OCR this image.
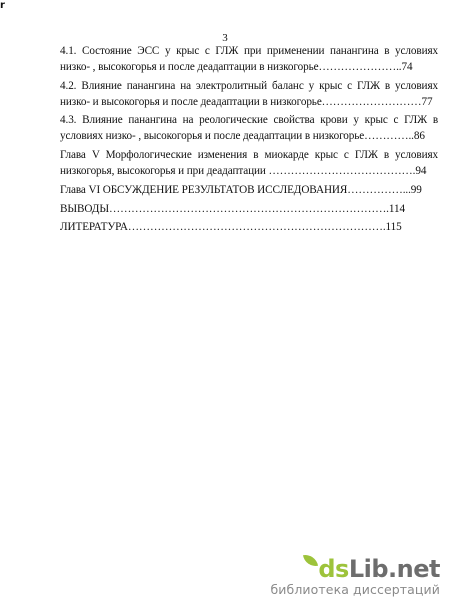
r
3
4.1. Состояние ЭСС у крыс с ГЛЖ при применении панангина в условиях
низко- , высокогорья и после деадаптации в низкогорье…………………..74
4.2. Влияние панангина на электролитный баланс у крыс с ГЛЖ в условиях
низко- и высокогорья и после деадаптации в низкогорье………………………77
4.3. Влияние панангина на реологические свойства крови у крыс с ГЛЖ в
условиях низко- , высокогорья и после деадаптации в низкогорье…………..86
Глава V Морфологические изменения в миокарде крыс с ГЛЖ в условиях
низкогорья, высокогорья и при деадаптации ………………………………….94
Глава VI ОБСУЖДЕНИЕ РЕЗУЛЬТАТОВ ИССЛЕДОВАНИЯ……………...99
ВЫВОДЫ………………………………………………………………….114
ЛИТЕРАТУРА…………………………………………………………….115
dsLib.net
библиотека диссертаций
